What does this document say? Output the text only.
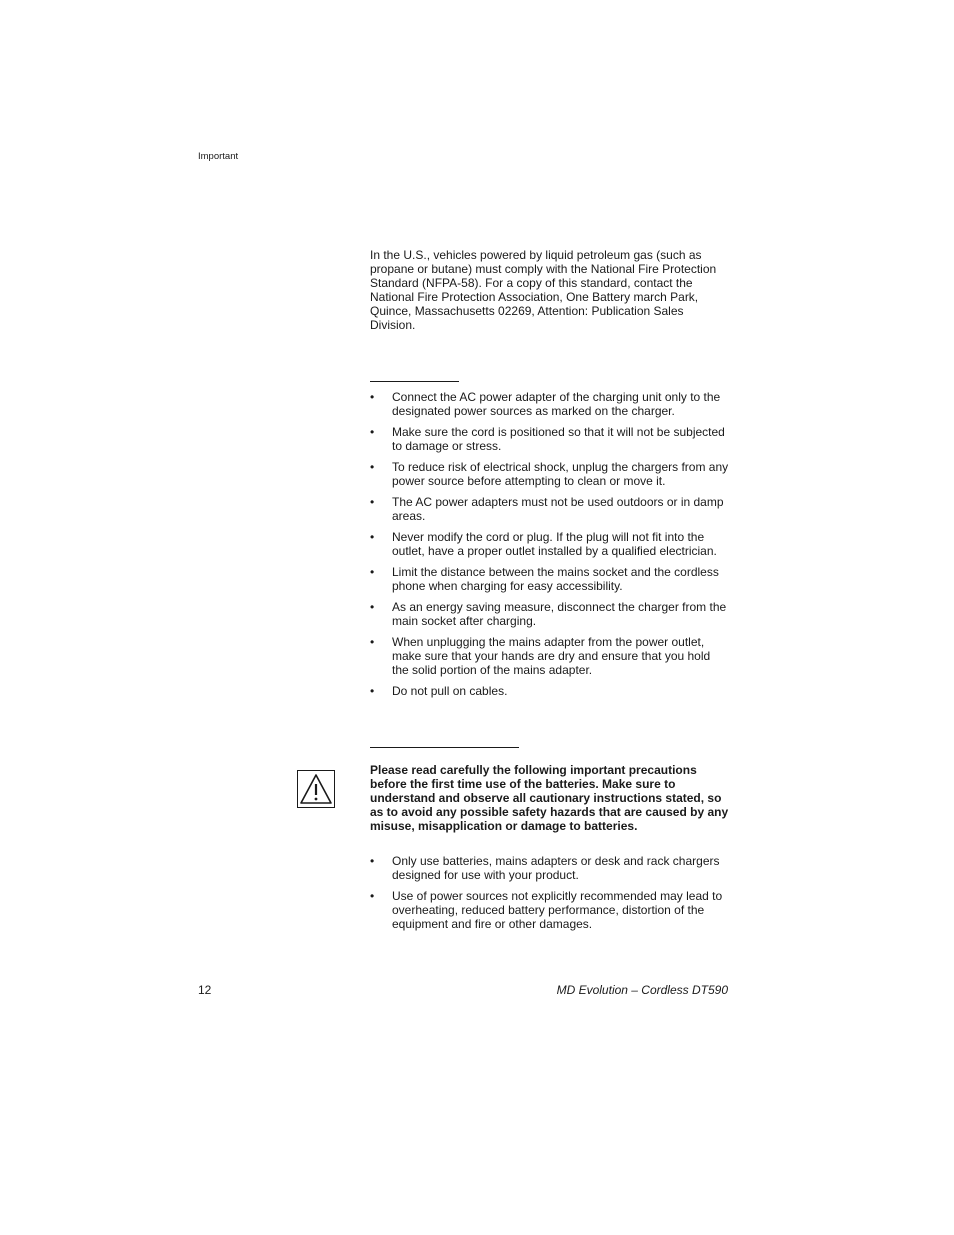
Important

In the U.S., vehicles powered by liquid petroleum gas (such as propane or butane) must comply with the National Fire Protection Standard (NFPA-58). For a copy of this standard, contact the National Fire Protection Association, One Battery march Park, Quince, Massachusetts 02269, Attention: Publication Sales Division.

• Connect the AC power adapter of the charging unit only to the designated power sources as marked on the charger.
• Make sure the cord is positioned so that it will not be subjected to damage or stress.
• To reduce risk of electrical shock, unplug the chargers from any power source before attempting to clean or move it.
• The AC power adapters must not be used outdoors or in damp areas.
• Never modify the cord or plug. If the plug will not fit into the outlet, have a proper outlet installed by a qualified electrician.
• Limit the distance between the mains socket and the cordless phone when charging for easy accessibility.
• As an energy saving measure, disconnect the charger from the main socket after charging.
• When unplugging the mains adapter from the power outlet, make sure that your hands are dry and ensure that you hold the solid portion of the mains adapter.
• Do not pull on cables.

Please read carefully the following important precautions before the first time use of the batteries. Make sure to understand and observe all cautionary instructions stated, so as to avoid any possible safety hazards that are caused by any misuse, misapplication or damage to batteries.

• Only use batteries, mains adapters or desk and rack chargers designed for use with your product.
• Use of power sources not explicitly recommended may lead to overheating, reduced battery performance, distortion of the equipment and fire or other damages.
12	MD Evolution – Cordless DT590
